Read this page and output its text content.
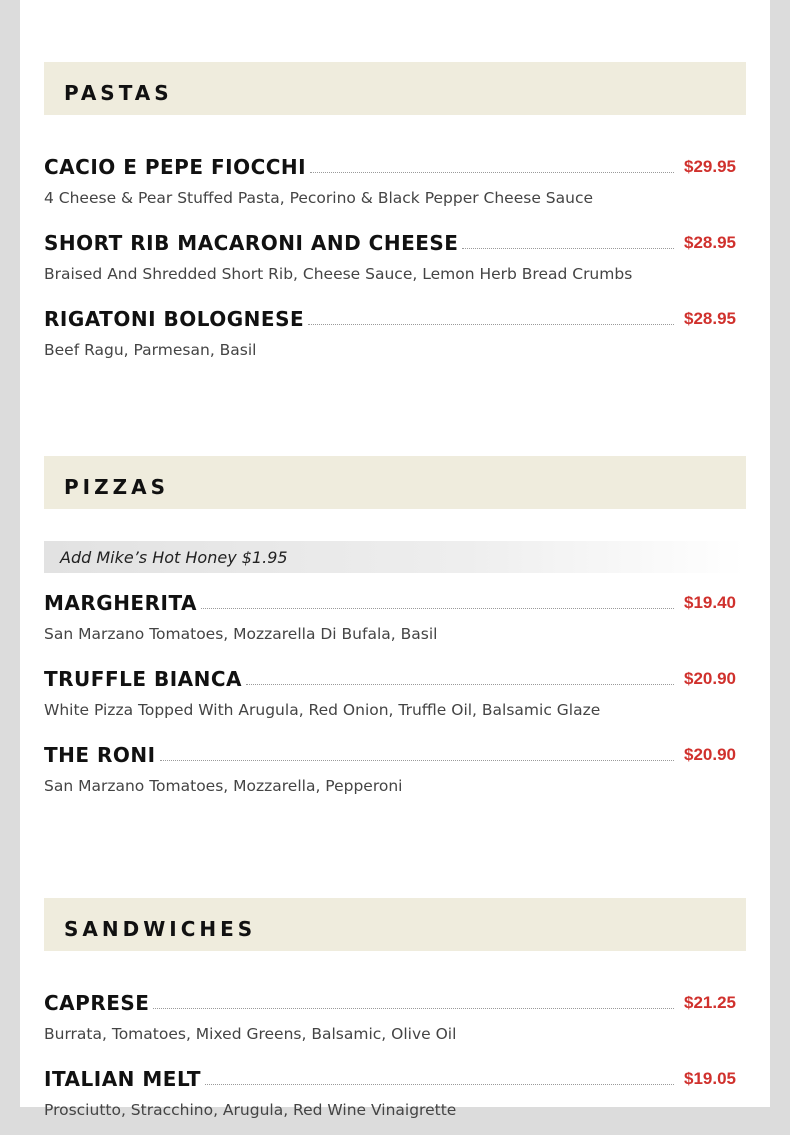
PASTAS
CACIO E PEPE FIOCCHI	$29.95
4 Cheese & Pear Stuffed Pasta, Pecorino & Black Pepper Cheese Sauce
SHORT RIB MACARONI AND CHEESE	$28.95
Braised And Shredded Short Rib, Cheese Sauce, Lemon Herb Bread Crumbs
RIGATONI BOLOGNESE	$28.95
Beef Ragu, Parmesan, Basil
PIZZAS
Add Mike’s Hot Honey $1.95
MARGHERITA	$19.40
San Marzano Tomatoes, Mozzarella Di Bufala, Basil
TRUFFLE BIANCA	$20.90
White Pizza Topped With Arugula, Red Onion, Truffle Oil, Balsamic Glaze
THE RONI	$20.90
San Marzano Tomatoes, Mozzarella, Pepperoni
SANDWICHES
CAPRESE	$21.25
Burrata, Tomatoes, Mixed Greens, Balsamic, Olive Oil
ITALIAN MELT	$19.05
Prosciutto, Stracchino, Arugula, Red Wine Vinaigrette
